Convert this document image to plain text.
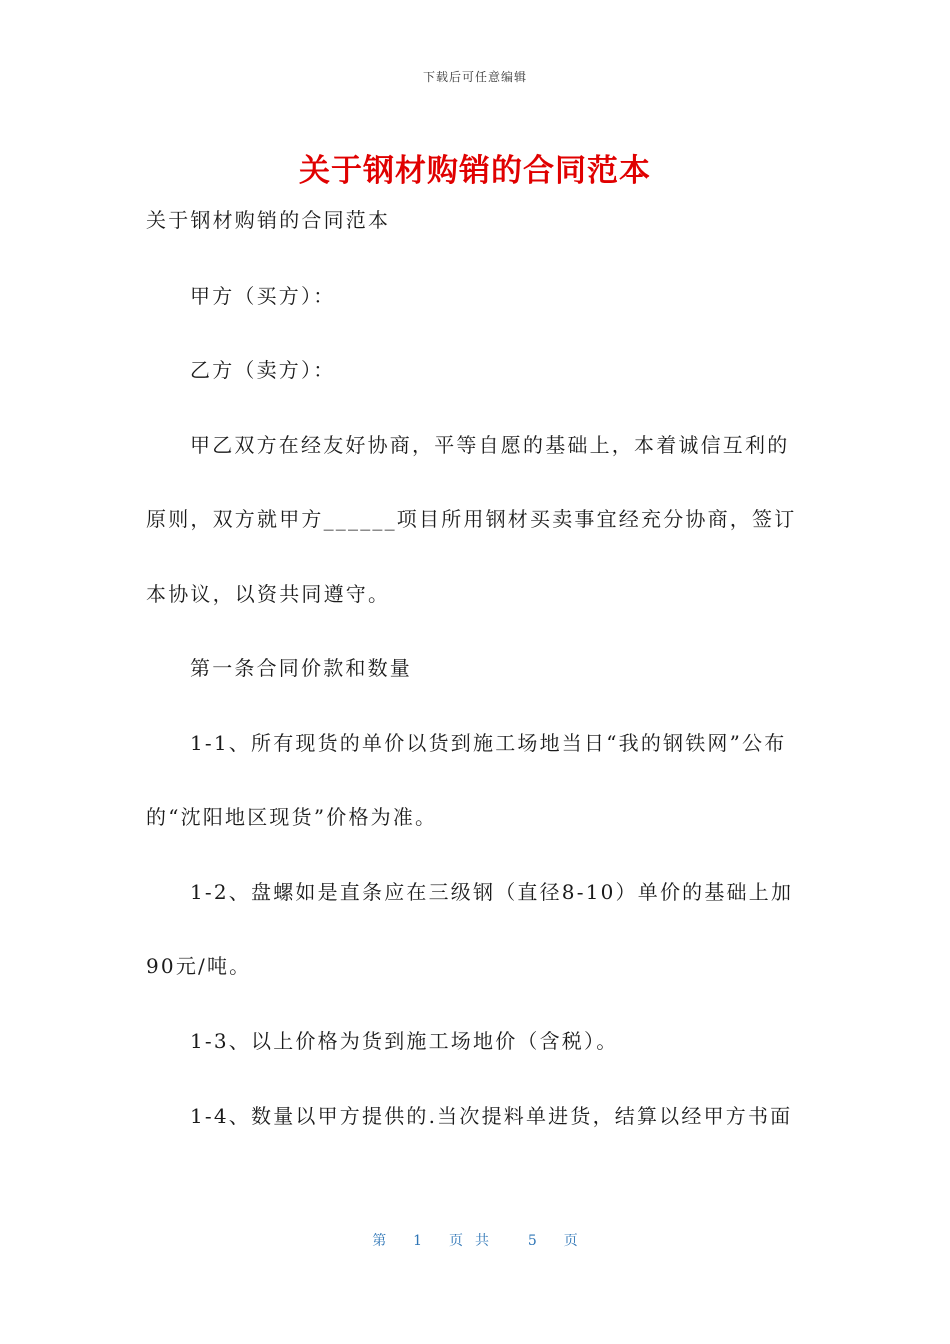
下载后可任意编辑
关于钢材购销的合同范本
关于钢材购销的合同范本
甲方（买方）：
乙方（卖方）：
甲乙双方在经友好协商，平等自愿的基础上，本着诚信互利的
原则，双方就甲方______项目所用钢材买卖事宜经充分协商，签订
本协议，以资共同遵守。
第一条合同价款和数量
1-1、所有现货的单价以货到施工场地当日“我的钢铁网”公布
的“沈阳地区现货”价格为准。
1-2、盘螺如是直条应在三级钢（直径8-10）单价的基础上加
90元/吨。
1-3、以上价格为货到施工场地价（含税）。
1-4、数量以甲方提供的.当次提料单进货，结算以经甲方书面
第 1 页共 5 页
